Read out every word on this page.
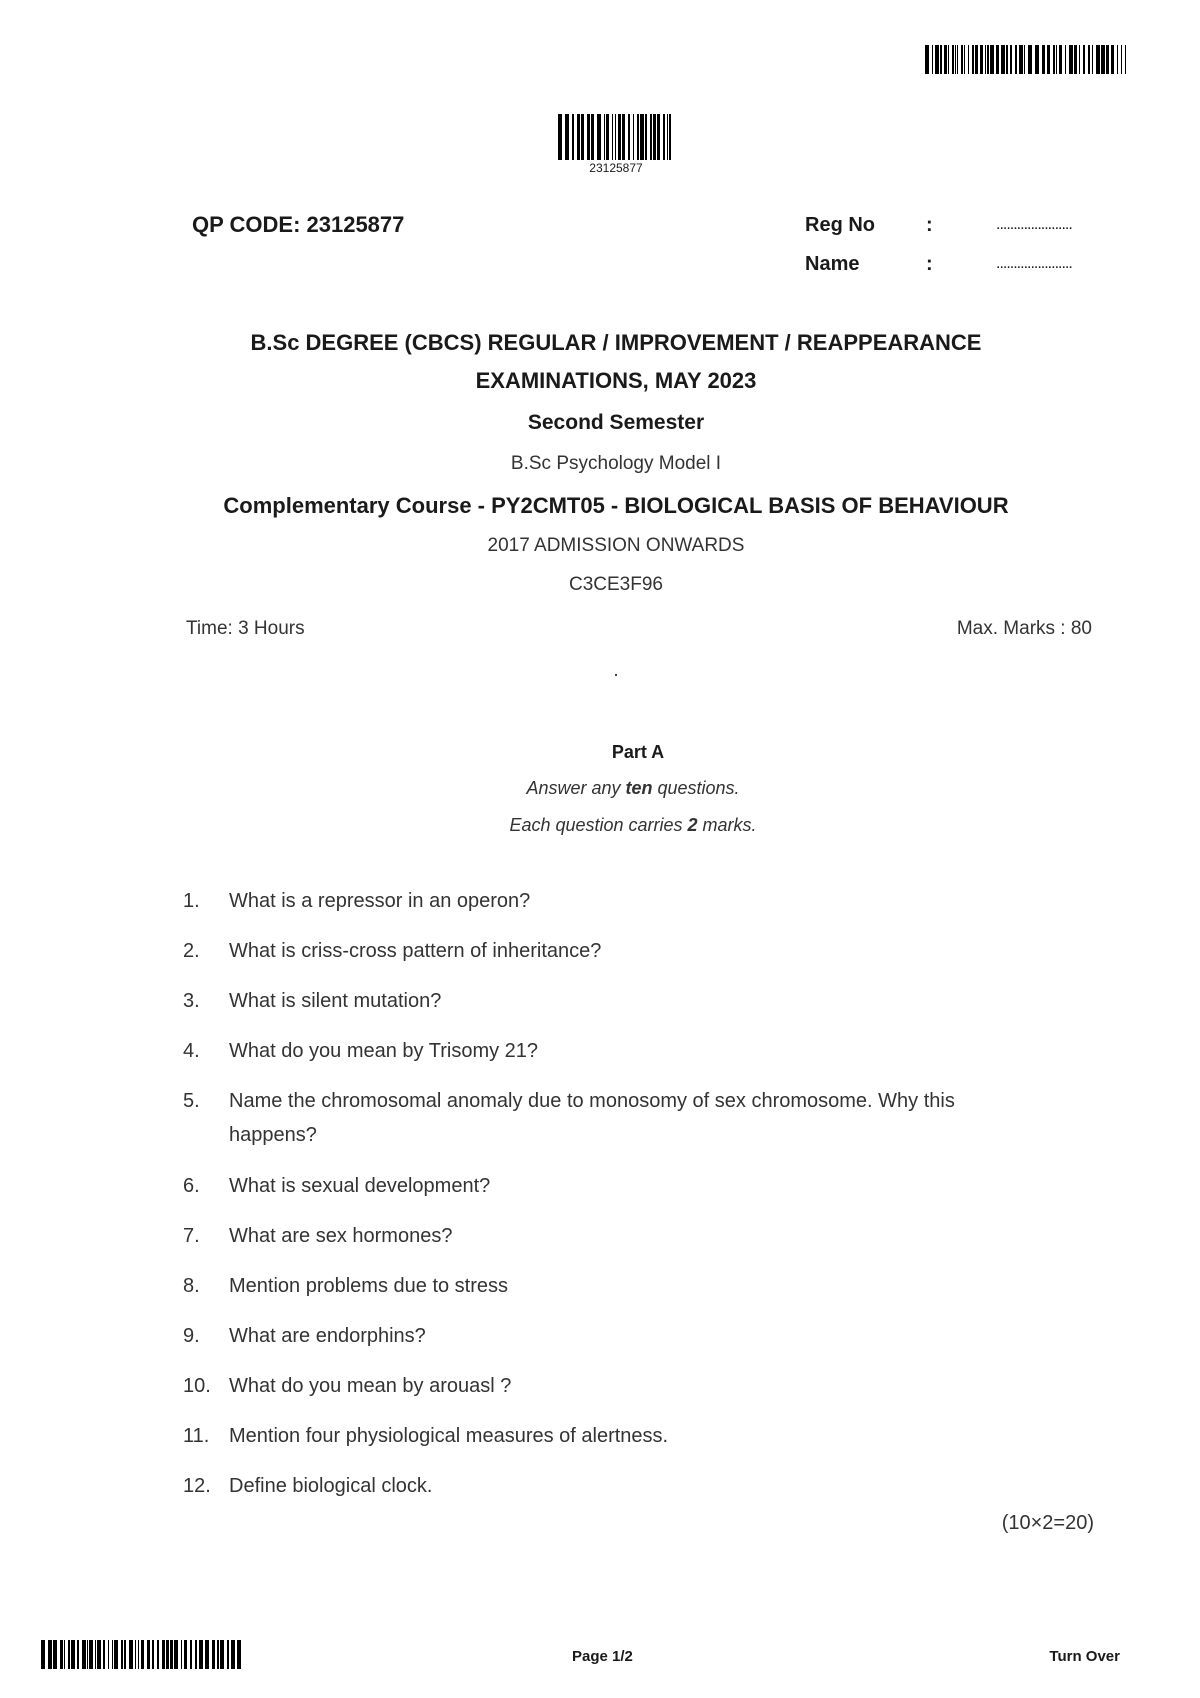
23125877
QP CODE: 23125877	Reg No	:	......................
Name	:	......................
B.Sc DEGREE (CBCS) REGULAR / IMPROVEMENT / REAPPEARANCE
EXAMINATIONS, MAY 2023
Second Semester
B.Sc Psychology Model I
Complementary Course - PY2CMT05 - BIOLOGICAL BASIS OF BEHAVIOUR
2017 ADMISSION ONWARDS
C3CE3F96
Time: 3 Hours	Max. Marks : 80
.
Part A
Answer any ten questions.
Each question carries 2 marks.
1.	What is a repressor in an operon?
2.	What is criss-cross pattern of inheritance?
3.	What is silent mutation?
4.	What do you mean by Trisomy 21?
5.	Name the chromosomal anomaly due to monosomy of sex chromosome. Why this happens?
6.	What is sexual development?
7.	What are sex hormones?
8.	Mention problems due to stress
9.	What are endorphins?
10. What do you mean by arouasl ?
11. Mention four physiological measures of alertness.
12. Define biological clock.
(10×2=20)
Page 1/2	Turn Over
